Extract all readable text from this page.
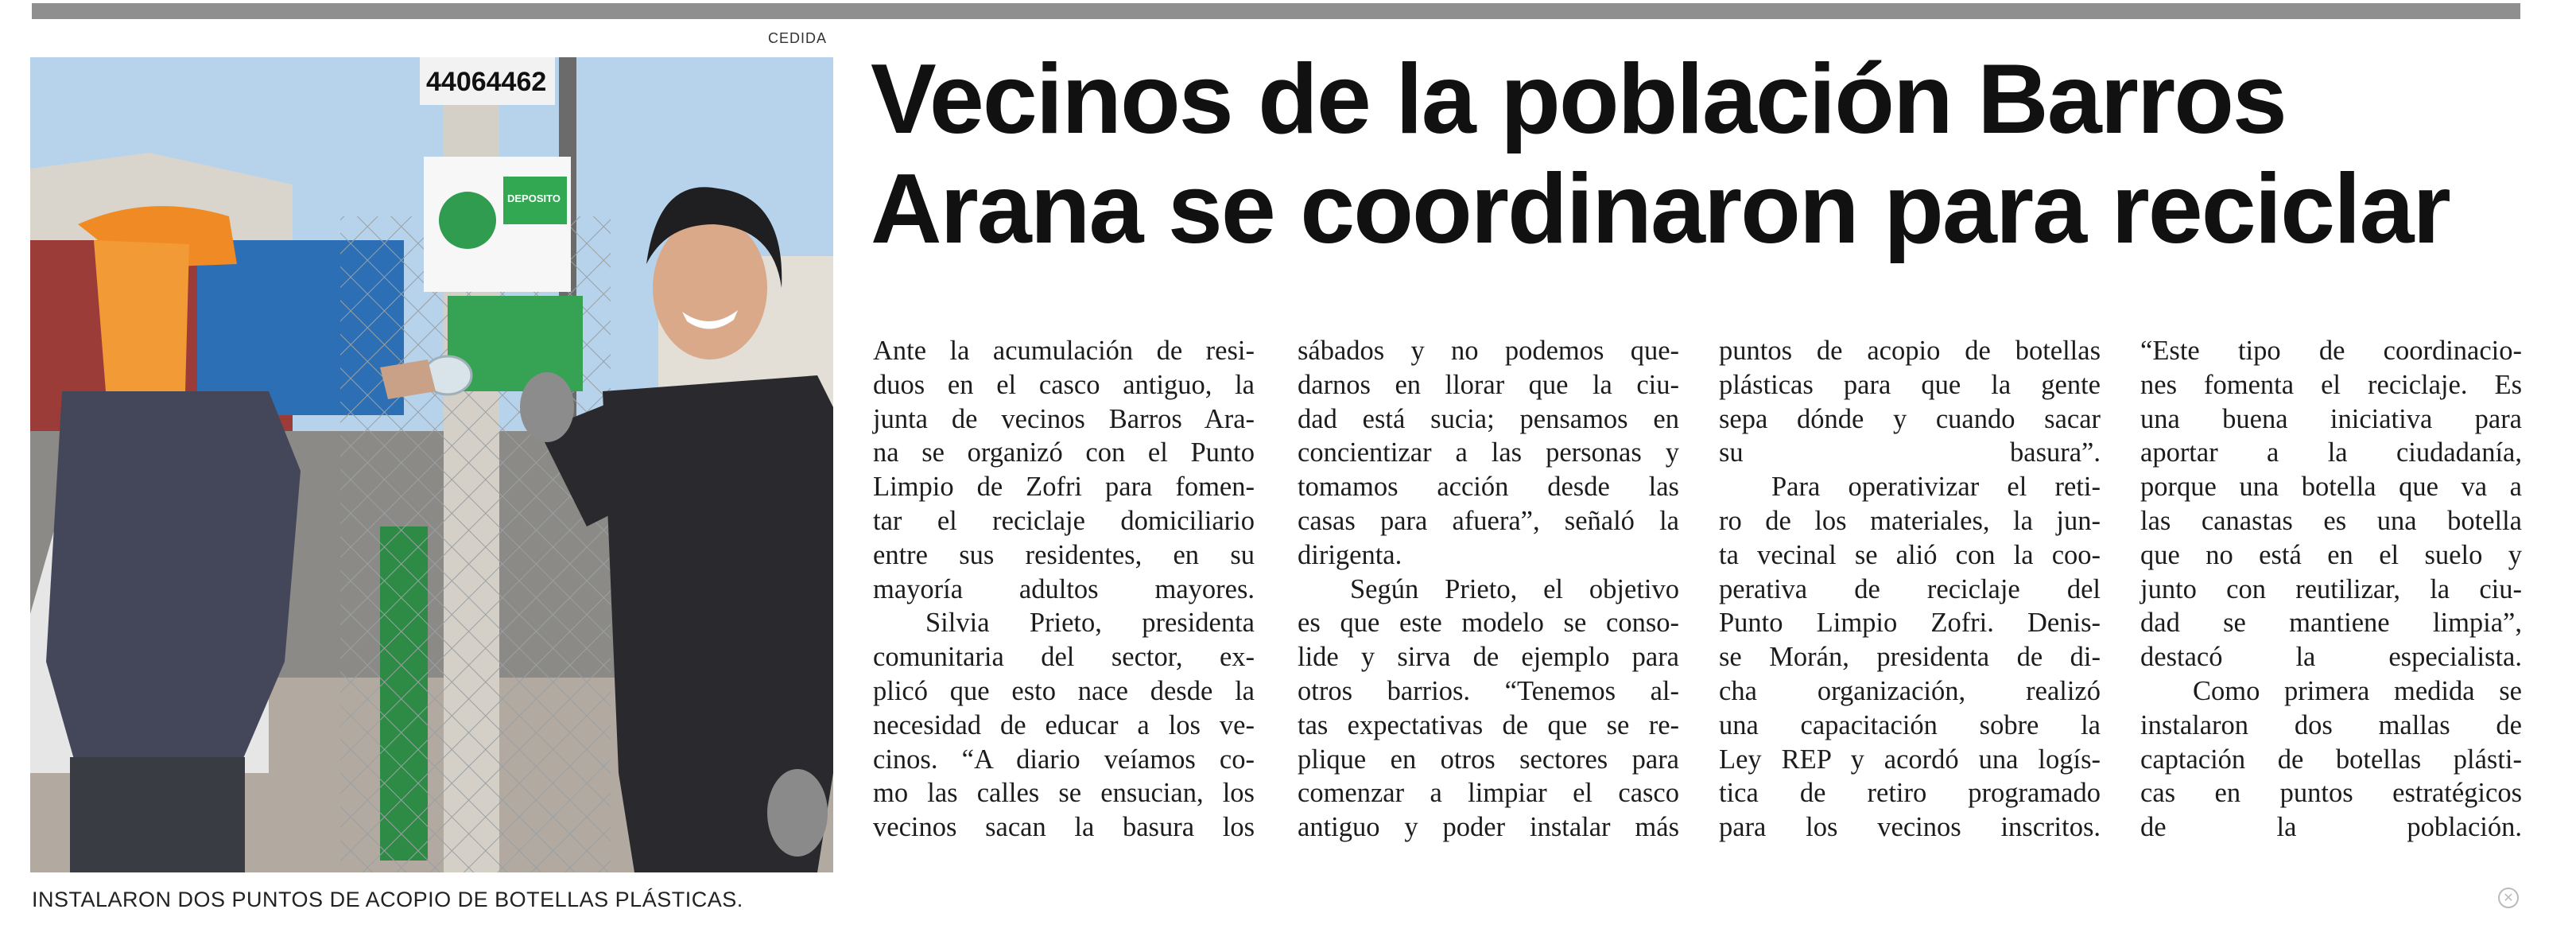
CEDIDA
44064462
DEPOSITO
INSTALARON DOS PUNTOS DE ACOPIO DE BOTELLAS PLÁSTICAS.
Vecinos de la población Barros
Arana se coordinaron para reciclar
Ante la acumulación de resi-
duos en el casco antiguo, la
junta de vecinos Barros Ara-
na se organizó con el Punto
Limpio de Zofri para fomen-
tar el reciclaje domiciliario
entre sus residentes, en su
mayoría adultos mayores.
Silvia Prieto, presidenta
comunitaria del sector, ex-
plicó que esto nace desde la
necesidad de educar a los ve-
cinos. “A diario veíamos co-
mo las calles se ensucian, los
vecinos sacan la basura los
sábados y no podemos que-
darnos en llorar que la ciu-
dad está sucia; pensamos en
concientizar a las personas y
tomamos acción desde las
casas para afuera”, señaló la
dirigenta.
Según Prieto, el objetivo
es que este modelo se conso-
lide y sirva de ejemplo para
otros barrios. “Tenemos al-
tas expectativas de que se re-
plique en otros sectores para
comenzar a limpiar el casco
antiguo y poder instalar más
puntos de acopio de botellas
plásticas para que la gente
sepa dónde y cuando sacar
su basura”.
Para operativizar el reti-
ro de los materiales, la jun-
ta vecinal se alió con la coo-
perativa de reciclaje del
Punto Limpio Zofri. Denis-
se Morán, presidenta de di-
cha organización, realizó
una capacitación sobre la
Ley REP y acordó una logís-
tica de retiro programado
para los vecinos inscritos.
“Este tipo de coordinacio-
nes fomenta el reciclaje. Es
una buena iniciativa para
aportar a la ciudadanía,
porque una botella que va a
las canastas es una botella
que no está en el suelo y
junto con reutilizar, la ciu-
dad se mantiene limpia”,
destacó la especialista.
Como primera medida se
instalaron dos mallas de
captación de botellas plásti-
cas en puntos estratégicos
de la población.
✕
